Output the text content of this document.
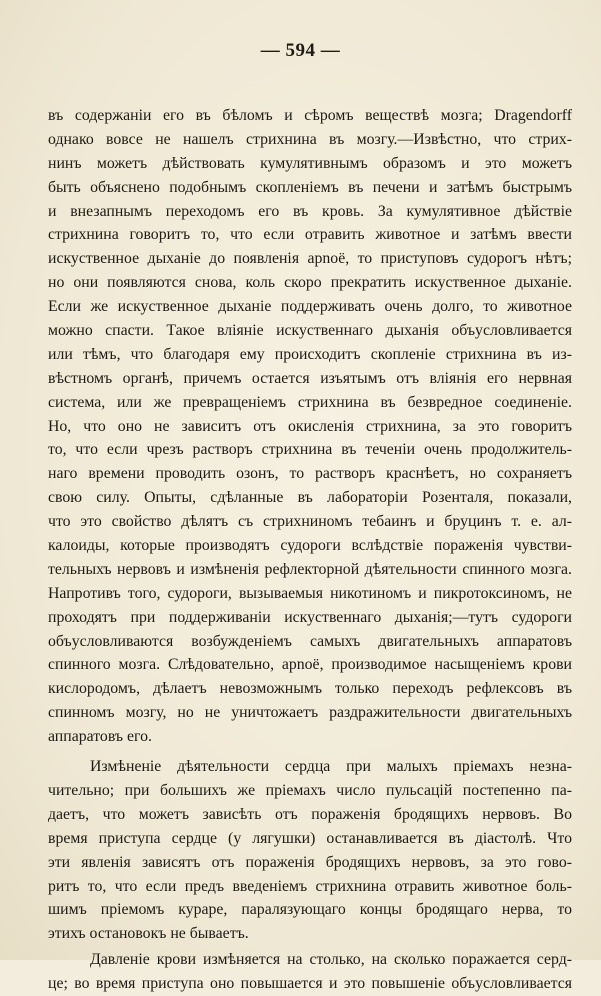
— 594 —
въ содержаніи его въ бѣломъ и сѣромъ веществѣ мозга; Dragendorff
однако вовсе не нашелъ стрихнина въ мозгу.—Извѣстно, что стрих-
нинъ можетъ дѣйствовать кумулятивнымъ образомъ и это можетъ
быть объяснено подобнымъ скопленіемъ въ печени и затѣмъ быстрымъ
и внезапнымъ переходомъ его въ кровь. За кумулятивное дѣйствіе
стрихнина говоритъ то, что если отравить животное и затѣмъ ввести
искуственное дыханіе до появленія apnoë, то приступовъ судорогъ нѣтъ;
но они появляются снова, коль скоро прекратить искуственное дыханіе.
Если же искуственное дыханіе поддерживать очень долго, то животное
можно спасти. Такое вліяніе искуственнаго дыханія объусловливается
или тѣмъ, что благодаря ему происходитъ скопленіе стрихнина въ из-
вѣстномъ органѣ, причемъ остается изъятымъ отъ вліянія его нервная
система, или же превращеніемъ стрихнина въ безвредное соединеніе.
Но, что оно не зависитъ отъ окисленія стрихнина, за это говоритъ
то, что если чрезъ растворъ стрихнина въ теченіи очень продолжитель-
наго времени проводить озонъ, то растворъ краснѣетъ, но сохраняетъ
свою силу. Опыты, сдѣланные въ лабораторіи Розенталя, показали,
что это свойство дѣлятъ съ стрихниномъ тебаинъ и бруцинъ т. е. ал-
калоиды, которые производятъ судороги вслѣдствіе пораженія чувстви-
тельныхъ нервовъ и измѣненія рефлекторной дѣятельности спинного мозга.
Напротивъ того, судороги, вызываемыя никотиномъ и пикротоксиномъ, не
проходятъ при поддерживаніи искуственнаго дыханія;—тутъ судороги
объусловливаются возбужденіемъ самыхъ двигательныхъ аппаратовъ
спинного мозга. Слѣдовательно, apnoë, производимое насыщеніемъ крови
кислородомъ, дѣлаетъ невозможнымъ только переходъ рефлексовъ въ
спинномъ мозгу, но не уничтожаетъ раздражительности двигательныхъ
аппаратовъ его.
Измѣненіе дѣятельности сердца при малыхъ пріемахъ незна-
чительно; при большихъ же пріемахъ число пульсацій постепенно па-
даетъ, что можетъ зависѣть отъ пораженія бродящихъ нервовъ. Во
время приступа сердце (у лягушки) останавливается въ діастолѣ. Что
эти явленія зависятъ отъ пораженія бродящихъ нервовъ, за это гово-
ритъ то, что если предъ введеніемъ стрихнина отравить животное боль-
шимъ пріемомъ кураре, паралязующаго концы бродящаго нерва, то
этихъ остановокъ не бываетъ.
Давленіе крови измѣняется на столько, на сколько поражается серд-
це; во время приступа оно повышается и это повышеніе объусловливается
